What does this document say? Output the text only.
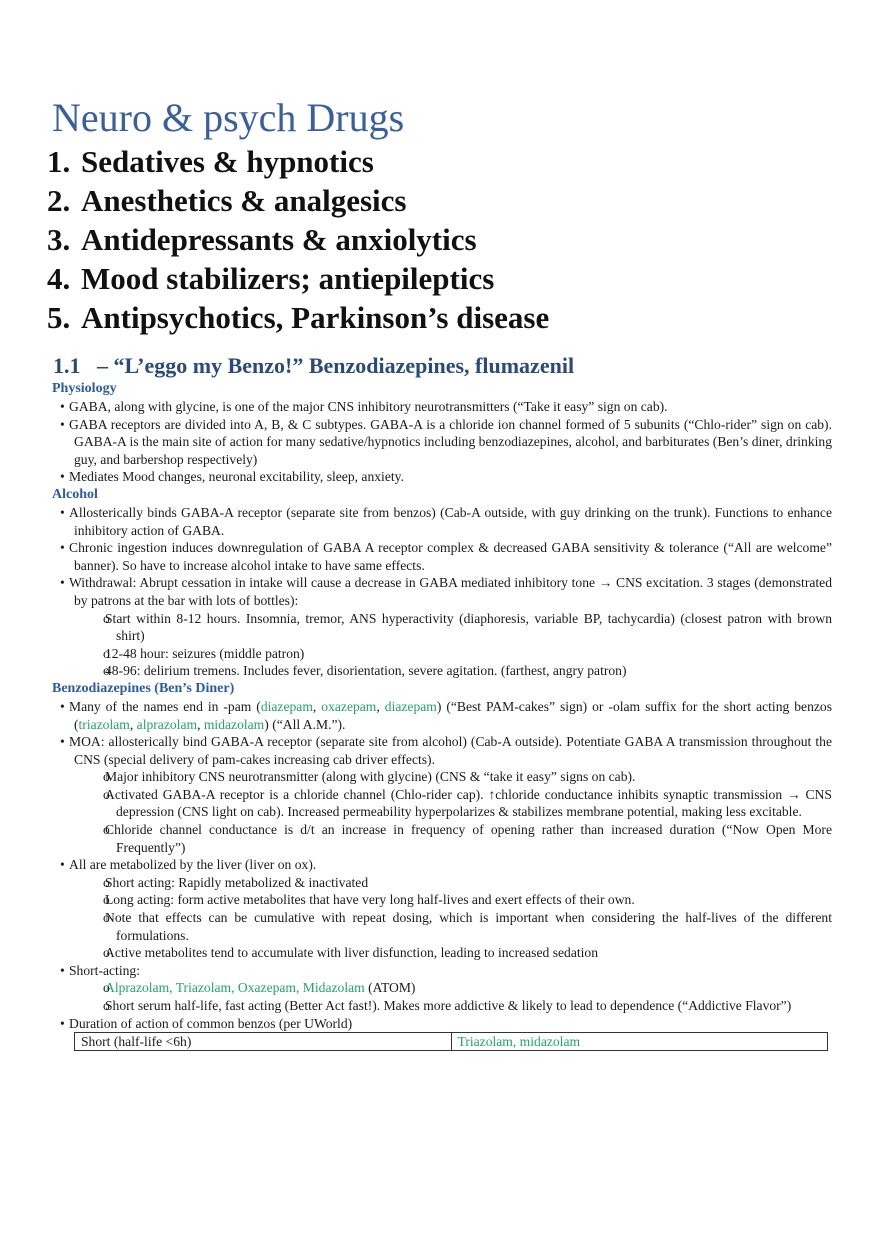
Neuro & psych Drugs
1. Sedatives & hypnotics
2. Anesthetics & analgesics
3. Antidepressants & anxiolytics
4. Mood stabilizers; antiepileptics
5. Antipsychotics, Parkinson’s disease
1.1 – “L’eggo my Benzo!” Benzodiazepines, flumazenil
Physiology
• GABA, along with glycine, is one of the major CNS inhibitory neurotransmitters (“Take it easy” sign on cab).
• GABA receptors are divided into A, B, & C subtypes. GABA-A is a chloride ion channel formed of 5 subunits (“Chlo-rider” sign on cab). GABA-A is the main site of action for many sedative/hypnotics including benzodiazepines, alcohol, and barbiturates (Ben’s diner, drinking guy, and barbershop respectively)
• Mediates Mood changes, neuronal excitability, sleep, anxiety.
Alcohol
• Allosterically binds GABA-A receptor (separate site from benzos) (Cab-A outside, with guy drinking on the trunk). Functions to enhance inhibitory action of GABA.
• Chronic ingestion induces downregulation of GABA A receptor complex & decreased GABA sensitivity & tolerance (“All are welcome” banner). So have to increase alcohol intake to have same effects.
• Withdrawal: Abrupt cessation in intake will cause a decrease in GABA mediated inhibitory tone → CNS excitation. 3 stages (demonstrated by patrons at the bar with lots of bottles):
o Start within 8-12 hours. Insomnia, tremor, ANS hyperactivity (diaphoresis, variable BP, tachycardia) (closest patron with brown shirt)
o 12-48 hour: seizures (middle patron)
o 48-96: delirium tremens. Includes fever, disorientation, severe agitation. (farthest, angry patron)
Benzodiazepines (Ben’s Diner)
• Many of the names end in -pam (diazepam, oxazepam, diazepam) (“Best PAM-cakes” sign) or -olam suffix for the short acting benzos (triazolam, alprazolam, midazolam) (“All A.M.”).
• MOA: allosterically bind GABA-A receptor (separate site from alcohol) (Cab-A outside). Potentiate GABA A transmission throughout the CNS (special delivery of pam-cakes increasing cab driver effects).
o Major inhibitory CNS neurotransmitter (along with glycine) (CNS & “take it easy” signs on cab).
o Activated GABA-A receptor is a chloride channel (Chlo-rider cap). ↑chloride conductance inhibits synaptic transmission → CNS depression (CNS light on cab). Increased permeability hyperpolarizes & stabilizes membrane potential, making less excitable.
o Chloride channel conductance is d/t an increase in frequency of opening rather than increased duration (“Now Open More Frequently”)
• All are metabolized by the liver (liver on ox).
o Short acting: Rapidly metabolized & inactivated
o Long acting: form active metabolites that have very long half-lives and exert effects of their own.
o Note that effects can be cumulative with repeat dosing, which is important when considering the half-lives of the different formulations.
o Active metabolites tend to accumulate with liver disfunction, leading to increased sedation
• Short-acting:
o Alprazolam, Triazolam, Oxazepam, Midazolam (ATOM)
o Short serum half-life, fast acting (Better Act fast!). Makes more addictive & likely to lead to dependence (“Addictive Flavor”)
• Duration of action of common benzos (per UWorld)
Short (half-life <6h)	Triazolam, midazolam
